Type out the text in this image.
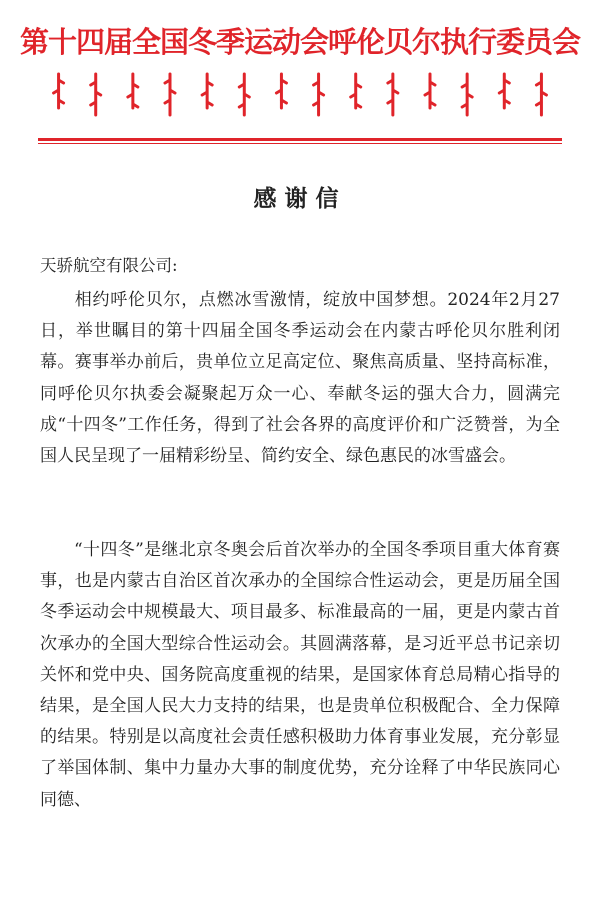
第十四届全国冬季运动会呼伦贝尔执行委员会
感谢信
天骄航空有限公司:

  相约呼伦贝尔，点燃冰雪激情，绽放中国梦想。2024年2月27日，举世瞩目的第十四届全国冬季运动会在内蒙古呼伦贝尔胜利闭幕。赛事举办前后，贵单位立足高定位、聚焦高质量、坚持高标准，同呼伦贝尔执委会凝聚起万众一心、奉献冬运的强大合力，圆满完成“十四冬”工作任务，得到了社会各界的高度评价和广泛赞誉，为全国人民呈现了一届精彩纷呈、简约安全、绿色惠民的冰雪盛会。

  “十四冬”是继北京冬奥会后首次举办的全国冬季项目重大体育赛事，也是内蒙古自治区首次承办的全国综合性运动会，更是历届全国冬季运动会中规模最大、项目最多、标准最高的一届，更是内蒙古首次承办的全国大型综合性运动会。其圆满落幕，是习近平总书记亲切关怀和党中央、国务院高度重视的结果，是国家体育总局精心指导的结果，是全国人民大力支持的结果，也是贵单位积极配合、全力保障的结果。特别是以高度社会责任感积极助力体育事业发展，充分彰显了举国体制、集中力量办大事的制度优势，充分诠释了中华民族同心同德、
